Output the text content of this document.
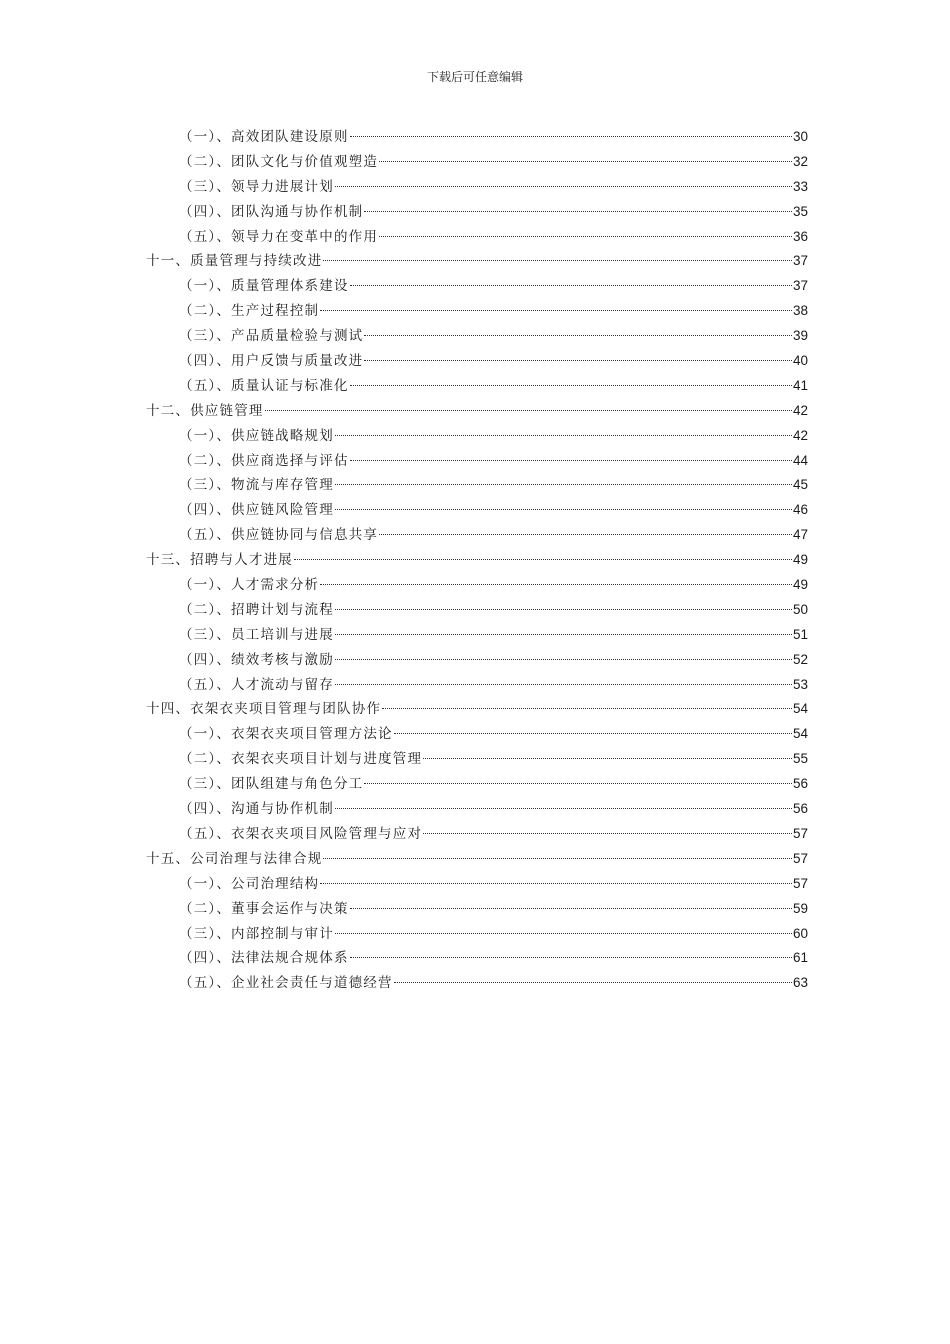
下载后可任意编辑
（一）、高效团队建设原则	30
（二）、团队文化与价值观塑造	32
（三）、领导力进展计划	33
（四）、团队沟通与协作机制	35
（五）、领导力在变革中的作用	36
十一、质量管理与持续改进	37
（一）、质量管理体系建设	37
（二）、生产过程控制	38
（三）、产品质量检验与测试	39
（四）、用户反馈与质量改进	40
（五）、质量认证与标准化	41
十二、供应链管理	42
（一）、供应链战略规划	42
（二）、供应商选择与评估	44
（三）、物流与库存管理	45
（四）、供应链风险管理	46
（五）、供应链协同与信息共享	47
十三、招聘与人才进展	49
（一）、人才需求分析	49
（二）、招聘计划与流程	50
（三）、员工培训与进展	51
（四）、绩效考核与激励	52
（五）、人才流动与留存	53
十四、衣架衣夹项目管理与团队协作	54
（一）、衣架衣夹项目管理方法论	54
（二）、衣架衣夹项目计划与进度管理	55
（三）、团队组建与角色分工	56
（四）、沟通与协作机制	56
（五）、衣架衣夹项目风险管理与应对	57
十五、公司治理与法律合规	57
（一）、公司治理结构	57
（二）、董事会运作与决策	59
（三）、内部控制与审计	60
（四）、法律法规合规体系	61
（五）、企业社会责任与道德经营	63
